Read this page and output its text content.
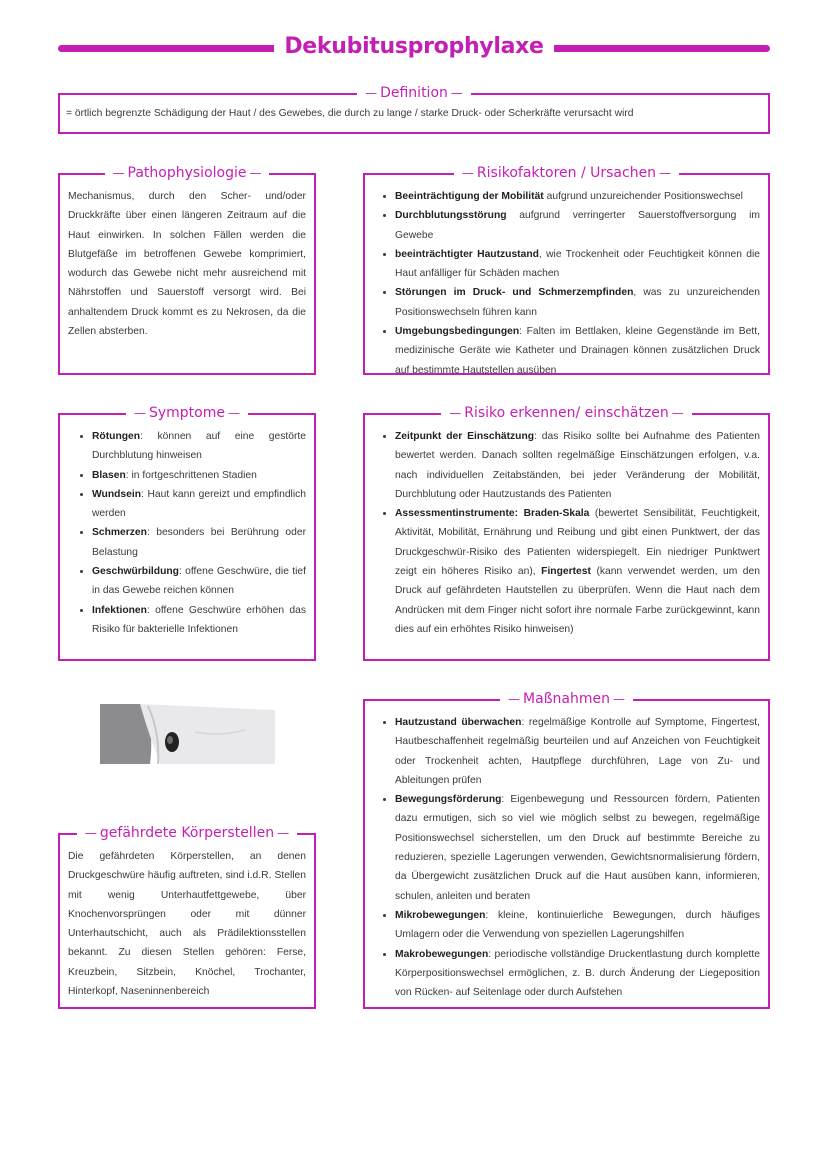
Dekubitusprophylaxe
— Definition —
= örtlich begrenzte Schädigung der Haut / des Gewebes, die durch zu lange / starke Druck- oder Scherkräfte verursacht wird
— Pathophysiologie —
Mechanismus, durch den Scher- und/oder Druckkräfte über einen längeren Zeitraum auf die Haut einwirken. In solchen Fällen werden die Blutgefäße im betroffenen Gewebe komprimiert, wodurch das Gewebe nicht mehr ausreichend mit Nährstoffen und Sauerstoff versorgt wird. Bei anhaltendem Druck kommt es zu Nekrosen, da die Zellen absterben.
— Risikofaktoren / Ursachen —
• Beeinträchtigung der Mobilität aufgrund unzureichender Positionswechsel
• Durchblutungsstörung aufgrund verringerter Sauerstoffversorgung im Gewebe
• beeinträchtigter Hautzustand, wie Trockenheit oder Feuchtigkeit können die Haut anfälliger für Schäden machen
• Störungen im Druck- und Schmerzempfinden, was zu unzureichenden Positionswechseln führen kann
• Umgebungsbedingungen: Falten im Bettlaken, kleine Gegenstände im Bett, medizinische Geräte wie Katheter und Drainagen können zusätzlichen Druck auf bestimmte Hautstellen ausüben
— Symptome —
• Rötungen: können auf eine gestörte Durchblutung hinweisen
• Blasen: in fortgeschrittenen Stadien
• Wundsein: Haut kann gereizt und empfindlich werden
• Schmerzen: besonders bei Berührung oder Belastung
• Geschwürbildung: offene Geschwüre, die tief in das Gewebe reichen können
• Infektionen: offene Geschwüre erhöhen das Risiko für bakterielle Infektionen
— Risiko erkennen/ einschätzen —
• Zeitpunkt der Einschätzung: das Risiko sollte bei Aufnahme des Patienten bewertet werden. Danach sollten regelmäßige Einschätzungen erfolgen, v.a. nach individuellen Zeitabständen, bei jeder Veränderung der Mobilität, Durchblutung oder Hautzustands des Patienten
• Assessmentinstrumente: Braden-Skala (bewertet Sensibilität, Feuchtigkeit, Aktivität, Mobilität, Ernährung und Reibung und gibt einen Punktwert, der das Druckgeschwür-Risiko des Patienten widerspiegelt. Ein niedriger Punktwert zeigt ein höheres Risiko an), Fingertest (kann verwendet werden, um den Druck auf gefährdeten Hautstellen zu überprüfen. Wenn die Haut nach dem Andrücken mit dem Finger nicht sofort ihre normale Farbe zurückgewinnt, kann dies auf ein erhöhtes Risiko hinweisen)
— Maßnahmen —
• Hautzustand überwachen: regelmäßige Kontrolle auf Symptome, Fingertest, Hautbeschaffenheit regelmäßig beurteilen und auf Anzeichen von Feuchtigkeit oder Trockenheit achten, Hautpflege durchführen, Lage von Zu- und Ableitungen prüfen
• Bewegungsförderung: Eigenbewegung und Ressourcen fördern, Patienten dazu ermutigen, sich so viel wie möglich selbst zu bewegen, regelmäßige Positionswechsel sicherstellen, um den Druck auf bestimmte Bereiche zu reduzieren, spezielle Lagerungen verwenden, Gewichtsnormalisierung fördern, da Übergewicht zusätzlichen Druck auf die Haut ausüben kann, informieren, schulen, anleiten und beraten
• Mikrobewegungen: kleine, kontinuierliche Bewegungen, durch häufiges Umlagern oder die Verwendung von speziellen Lagerungshilfen
• Makrobewegungen: periodische vollständige Druckentlastung durch komplette Körperpositionswechsel ermöglichen, z. B. durch Änderung der Liegeposition von Rücken- auf Seitenlage oder durch Aufstehen
— gefährdete Körperstellen —
Die gefährdeten Körperstellen, an denen Druckgeschwüre häufig auftreten, sind i.d.R. Stellen mit wenig Unterhautfettgewebe, über Knochenvorsprüngen oder mit dünner Unterhautschicht, auch als Prädilektionsstellen bekannt. Zu diesen Stellen gehören: Ferse, Kreuzbein, Sitzbein, Knöchel, Trochanter, Hinterkopf, Naseninnenbereich
